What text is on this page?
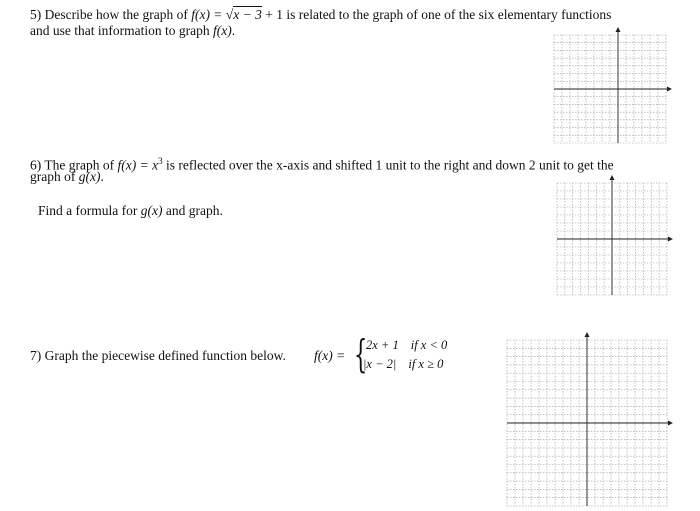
5) Describe how the graph of f(x) = √x − 3 + 1 is related to the graph of one of the six elementary functions
and use that information to graph f(x).
6) The graph of $f(x) = x^3$ is reflected over the x-axis and shifted 1 unit to the right and down 2 unit to get the
graph of g(x).
Find a formula for g(x) and graph.
7) Graph the piecewise defined function below. f(x) = {
2x + 1 if x < 0
|x − 2| if x ≥ 0
